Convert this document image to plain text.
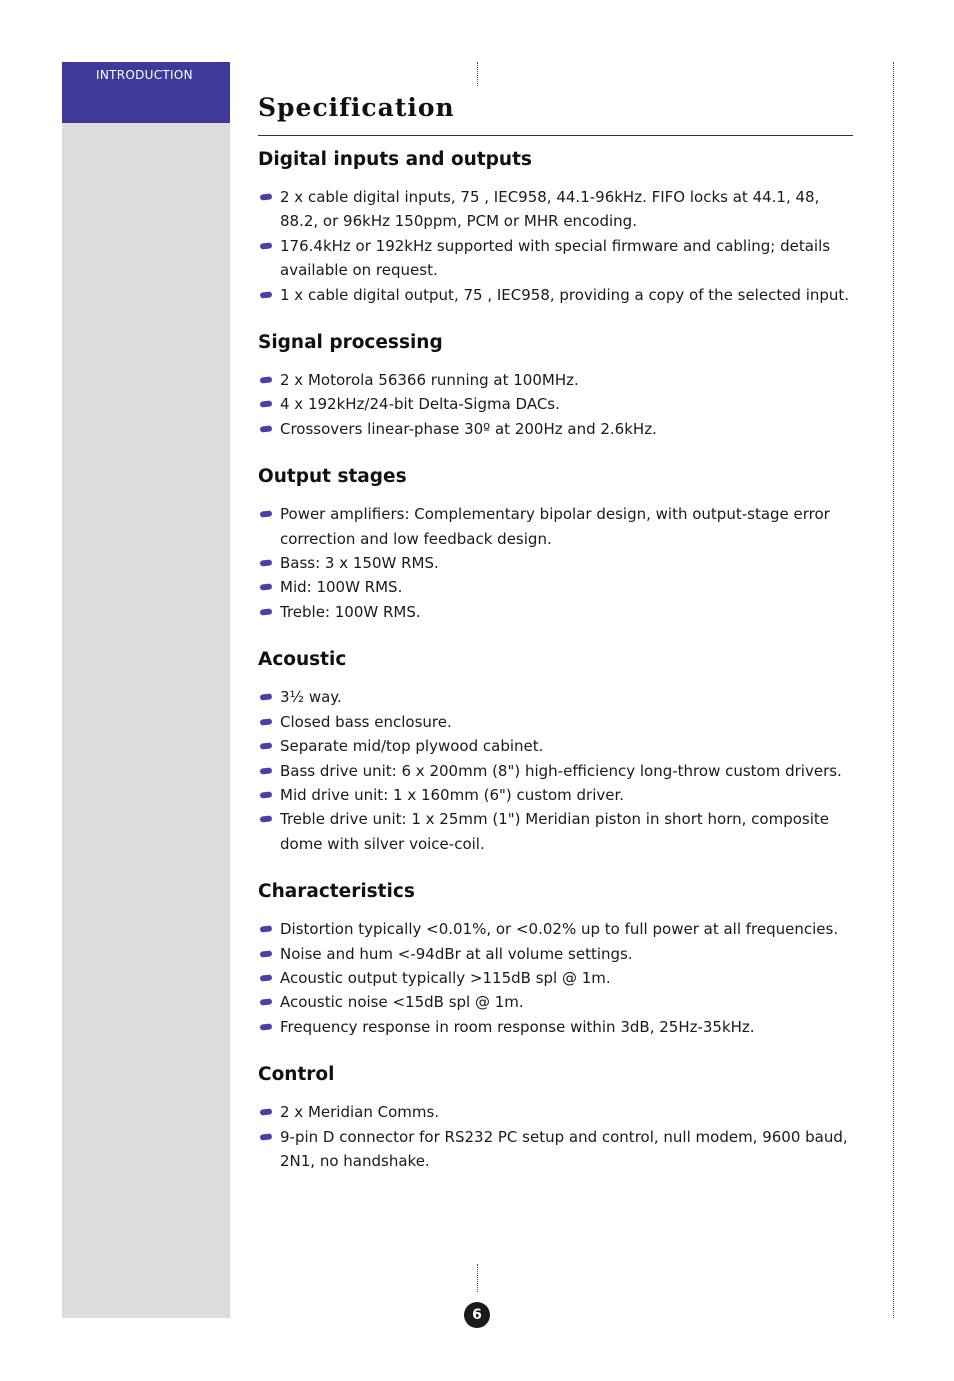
INTRODUCTION
Specification
Digital inputs and outputs
2 x cable digital inputs, 75 , IEC958, 44.1-96kHz. FIFO locks at 44.1, 48, 88.2, or 96kHz 150ppm, PCM or MHR encoding.
176.4kHz or 192kHz supported with special firmware and cabling; details available on request.
1 x cable digital output, 75 , IEC958, providing a copy of the selected input.
Signal processing
2 x Motorola 56366 running at 100MHz.
4 x 192kHz/24-bit Delta-Sigma DACs.
Crossovers linear-phase 30º at 200Hz and 2.6kHz.
Output stages
Power amplifiers: Complementary bipolar design, with output-stage error correction and low feedback design.
Bass: 3 x 150W RMS.
Mid: 100W RMS.
Treble: 100W RMS.
Acoustic
3½ way.
Closed bass enclosure.
Separate mid/top plywood cabinet.
Bass drive unit: 6 x 200mm (8") high-efficiency long-throw custom drivers.
Mid drive unit: 1 x 160mm (6") custom driver.
Treble drive unit: 1 x 25mm (1") Meridian piston in short horn, composite dome with silver voice-coil.
Characteristics
Distortion typically <0.01%, or <0.02% up to full power at all frequencies.
Noise and hum <-94dBr at all volume settings.
Acoustic output typically >115dB spl @ 1m.
Acoustic noise <15dB spl @ 1m.
Frequency response in room response within 3dB, 25Hz-35kHz.
Control
2 x Meridian Comms.
9-pin D connector for RS232 PC setup and control, null modem, 9600 baud, 2N1, no handshake.
6
